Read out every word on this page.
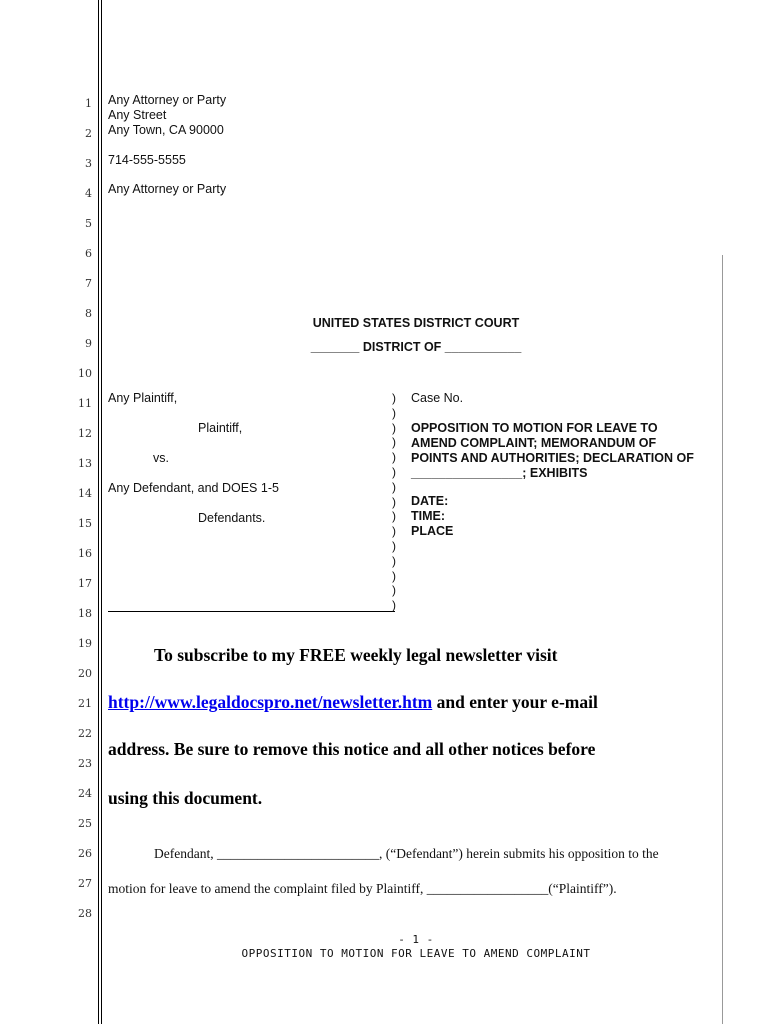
1
2
3
4
5
6
7
8
9
10
11
12
13
14
15
16
17
18
19
20
21
22
23
24
25
26
27
28
Any Attorney or Party
Any Street
Any Town, CA 90000
714-555-5555
Any Attorney or Party
UNITED STATES DISTRICT COURT
_______ DISTRICT OF ___________
Any Plaintiff,
Plaintiff,
vs.
Any Defendant, and DOES 1-5
Defendants.
)
)
)
)
)
)
)
)
)
)
)
)
)
)
)
Case No.
OPPOSITION TO MOTION FOR LEAVE TO
AMEND COMPLAINT; MEMORANDUM OF
POINTS AND AUTHORITIES; DECLARATION OF
________________; EXHIBITS
DATE:
TIME:
PLACE
To subscribe to my FREE weekly legal newsletter visit
http://www.legaldocspro.net/newsletter.htm and enter your e-mail
address. Be sure to remove this notice and all other notices before
using this document.
Defendant, ________________________, (“Defendant”) herein submits his opposition to the
motion for leave to amend the complaint filed by Plaintiff, __________________(“Plaintiff”).
- 1 -
OPPOSITION TO MOTION FOR LEAVE TO AMEND COMPLAINT
